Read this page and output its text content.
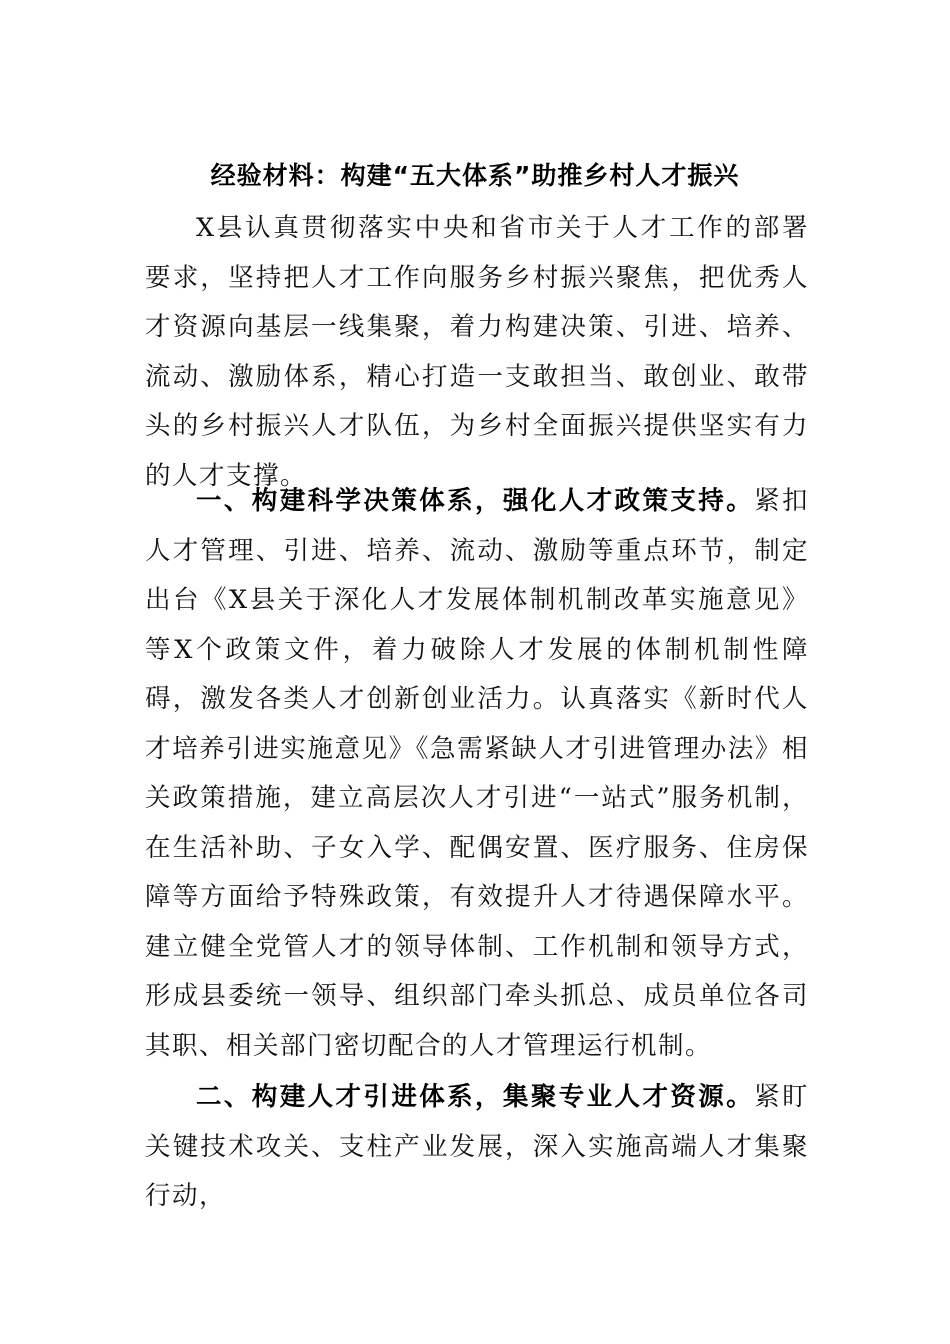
经验材料：构建“五大体系”助推乡村人才振兴
X县认真贯彻落实中央和省市关于人才工作的部署要求，坚持把人才工作向服务乡村振兴聚焦，把优秀人才资源向基层一线集聚，着力构建决策、引进、培养、流动、激励体系，精心打造一支敢担当、敢创业、敢带头的乡村振兴人才队伍，为乡村全面振兴提供坚实有力的人才支撑。
一、构建科学决策体系，强化人才政策支持。紧扣人才管理、引进、培养、流动、激励等重点环节，制定出台《X县关于深化人才发展体制机制改革实施意见》等X个政策文件，着力破除人才发展的体制机制性障碍，激发各类人才创新创业活力。认真落实《新时代人才培养引进实施意见》《急需紧缺人才引进管理办法》相关政策措施，建立高层次人才引进“一站式”服务机制，在生活补助、子女入学、配偶安置、医疗服务、住房保障等方面给予特殊政策，有效提升人才待遇保障水平。建立健全党管人才的领导体制、工作机制和领导方式，形成县委统一领导、组织部门牵头抓总、成员单位各司其职、相关部门密切配合的人才管理运行机制。
二、构建人才引进体系，集聚专业人才资源。紧盯关键技术攻关、支柱产业发展，深入实施高端人才集聚行动，
